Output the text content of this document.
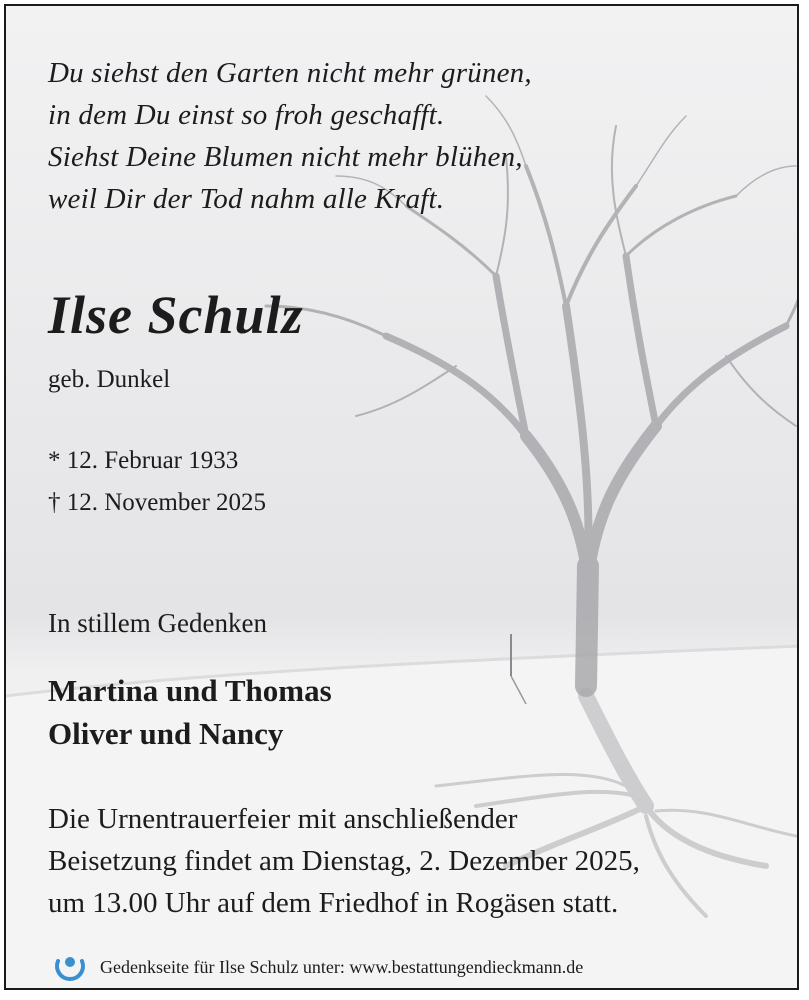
Du siehst den Garten nicht mehr grünen,
in dem Du einst so froh geschafft.
Siehst Deine Blumen nicht mehr blühen,
weil Dir der Tod nahm alle Kraft.
Ilse Schulz
geb. Dunkel
* 12. Februar 1933
† 12. November 2025
In stillem Gedenken
Martina und Thomas
Oliver und Nancy
Die Urnentrauerfeier mit anschließender
Beisetzung findet am Dienstag, 2. Dezember 2025,
um 13.00 Uhr auf dem Friedhof in Rogäsen statt.
Gedenkseite für Ilse Schulz unter: www.bestattungendieckmann.de
